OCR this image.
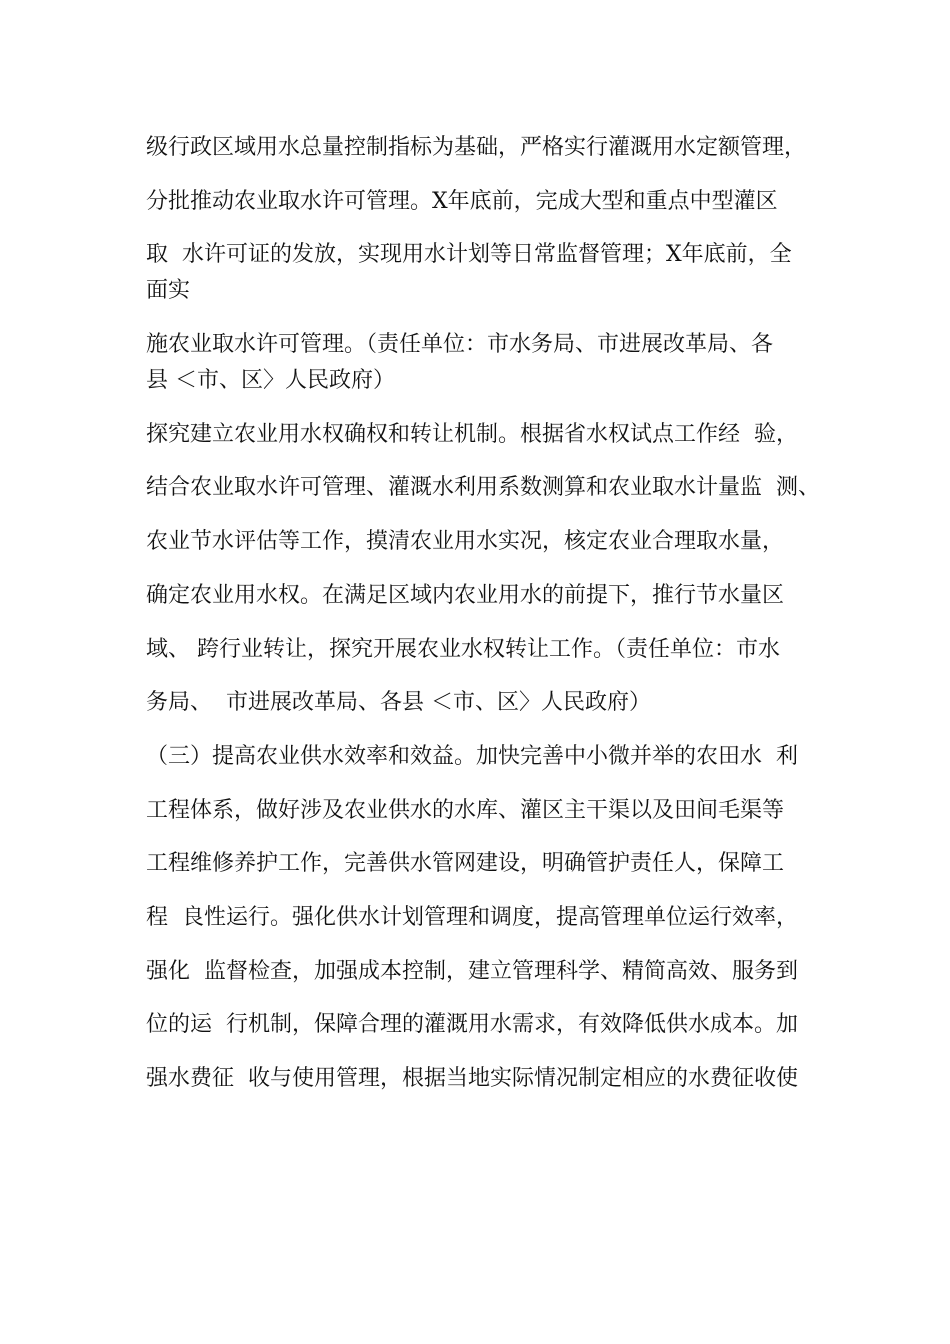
级行政区域用水总量控制指标为基础，严格实行灌溉用水定额管理，
分批推动农业取水许可管理。X年底前，完成大型和重点中型灌区
取  水许可证的发放，实现用水计划等日常监督管理；X年底前，全
面实
施农业取水许可管理。（责任单位：市水务局、市进展改革局、各
县 ＜市、区〉人民政府）
探究建立农业用水权确权和转让机制。根据省水权试点工作经  验，
结合农业取水许可管理、灌溉水利用系数测算和农业取水计量监  测、
农业节水评估等工作，摸清农业用水实况，核定农业合理取水量，
确定农业用水权。在满足区域内农业用水的前提下，推行节水量区
域、 跨行业转让，探究开展农业水权转让工作。（责任单位：市水
务局、  市进展改革局、各县 ＜市、区〉人民政府）
（三）提高农业供水效率和效益。加快完善中小微并举的农田水  利
工程体系，做好涉及农业供水的水库、灌区主干渠以及田间毛渠等
工程维修养护工作，完善供水管网建设，明确管护责任人，保障工
程  良性运行。强化供水计划管理和调度，提高管理单位运行效率，
强化  监督检查，加强成本控制，建立管理科学、精简高效、服务到
位的运  行机制，保障合理的灌溉用水需求，有效降低供水成本。加
强水费征  收与使用管理，根据当地实际情况制定相应的水费征收使
